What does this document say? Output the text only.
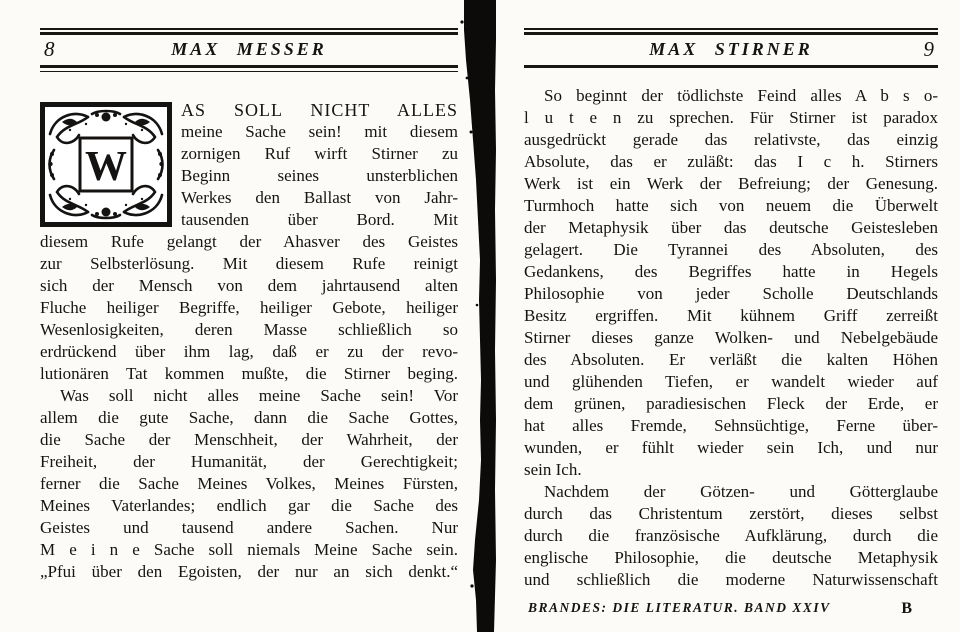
8	MAX MESSER
W
AS SOLL NICHT ALLES
meine Sache sein! mit diesem
zornigen Ruf wirft Stirner zu
Beginn seines unsterblichen
Werkes den Ballast von Jahr-
tausenden über Bord. Mit
diesem Rufe gelangt der Ahasver des Geistes
zur Selbsterlösung. Mit diesem Rufe reinigt
sich der Mensch von dem jahrtausend alten
Fluche heiliger Begriffe, heiliger Gebote, heiliger
Wesenlosigkeiten, deren Masse schließlich so
erdrückend über ihm lag, daß er zu der revo-
lutionären Tat kommen mußte, die Stirner beging.
Was soll nicht alles meine Sache sein! Vor
allem die gute Sache, dann die Sache Gottes,
die Sache der Menschheit, der Wahrheit, der
Freiheit, der Humanität, der Gerechtigkeit;
ferner die Sache Meines Volkes, Meines Fürsten,
Meines Vaterlandes; endlich gar die Sache des
Geistes und tausend andere Sachen. Nur
M e i n e Sache soll niemals Meine Sache sein.
„Pfui über den Egoisten, der nur an sich denkt.“
MAX STIRNER	9
So beginnt der tödlichste Feind alles A b s o-
l u t e n zu sprechen. Für Stirner ist paradox
ausgedrückt gerade das relativste, das einzig
Absolute, das er zuläßt: das I c h. Stirners
Werk ist ein Werk der Befreiung; der Genesung.
Turmhoch hatte sich von neuem die Überwelt
der Metaphysik über das deutsche Geistesleben
gelagert. Die Tyrannei des Absoluten, des
Gedankens, des Begriffes hatte in Hegels
Philosophie von jeder Scholle Deutschlands
Besitz ergriffen. Mit kühnem Griff zerreißt
Stirner dieses ganze Wolken- und Nebelgebäude
des Absoluten. Er verläßt die kalten Höhen
und glühenden Tiefen, er wandelt wieder auf
dem grünen, paradiesischen Fleck der Erde, er
hat alles Fremde, Sehnsüchtige, Ferne über-
wunden, er fühlt wieder sein Ich, und nur
sein Ich.
Nachdem der Götzen- und Götterglaube
durch das Christentum zerstört, dieses selbst
durch die französische Aufklärung, durch die
englische Philosophie, die deutsche Metaphysik
und schließlich die moderne Naturwissenschaft
BRANDES: DIE LITERATUR. BAND XXIV	B
